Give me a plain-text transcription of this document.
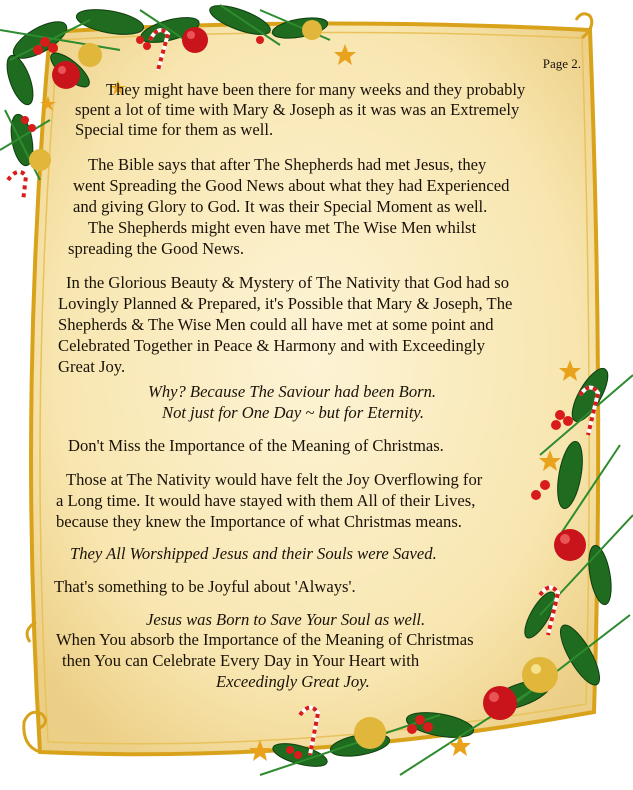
Page 2.
They might have been there for many weeks and they probably
spent a lot of time with Mary & Joseph as it was was an Extremely
Special time for them as well.
The Bible says that after The Shepherds had met Jesus, they
went Spreading the Good News about what they had Experienced
and giving Glory to God. It was their Special Moment as well.
The Shepherds might even have met The Wise Men whilst
spreading the Good News.
In the Glorious Beauty & Mystery of The Nativity that God had so
Lovingly Planned & Prepared, it's Possible that Mary & Joseph, The
Shepherds & The Wise Men could all have met at some point and
Celebrated Together in Peace & Harmony and with Exceedingly
Great Joy.
Why? Because The Saviour had been Born.
Not just for One Day ~ but for Eternity.
Don't Miss the Importance of the Meaning of Christmas.
Those at The Nativity would have felt the Joy Overflowing for
a Long time. It would have stayed with them All of their Lives,
because they knew the Importance of what Christmas means.
They All Worshipped Jesus and their Souls were Saved.
That's something to be Joyful about 'Always'.
Jesus was Born to Save Your Soul as well.
When You absorb the Importance of the Meaning of Christmas
then You can Celebrate Every Day in Your Heart with
Exceedingly Great Joy.
